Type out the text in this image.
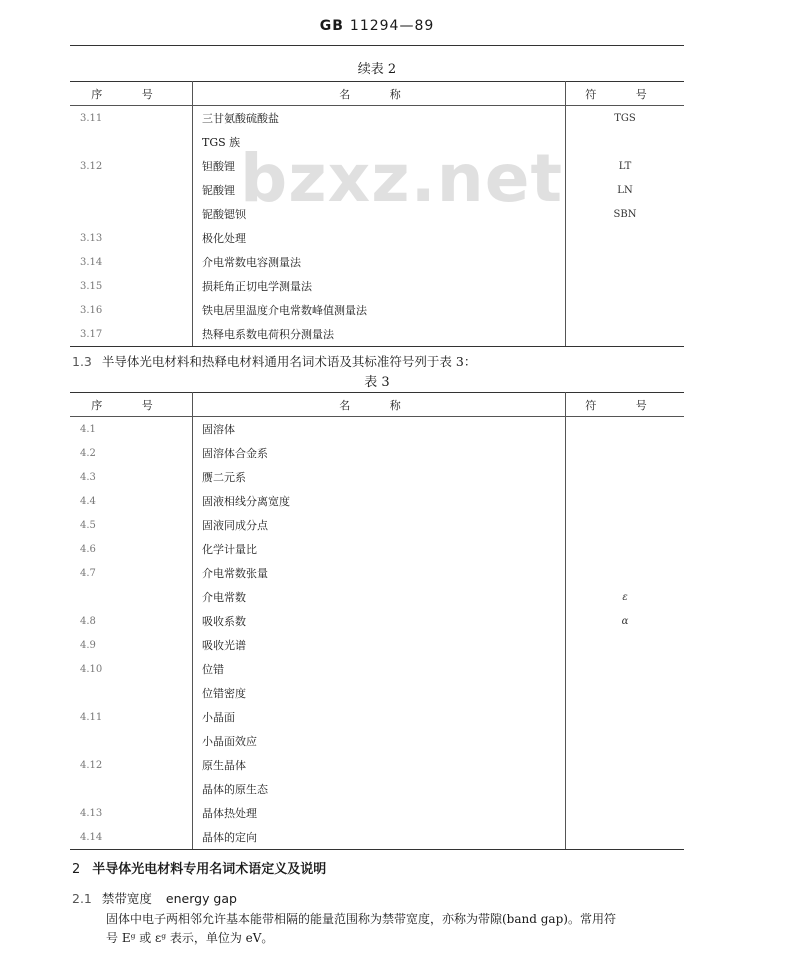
GB 11294—89
续表 2
序 号	名 称	符 号
3.11	三甘氨酸硫酸盐	TGS
	TGS 族	
3.12	钽酸锂	LT
	铌酸锂	LN
	铌酸锶钡	SBN
3.13	极化处理	
3.14	介电常数电容测量法	
3.15	损耗角正切电学测量法	
3.16	铁电居里温度介电常数峰值测量法	
3.17	热释电系数电荷积分测量法	
bzxz.net
1.3 半导体光电材料和热释电材料通用名词术语及其标准符号列于表 3：
表 3
序 号	名 称	符 号
4.1	固溶体	
4.2	固溶体合金系	
4.3	赝二元系	
4.4	固液相线分离宽度	
4.5	固液同成分点	
4.6	化学计量比	
4.7	介电常数张量	
	介电常数	ε
4.8	吸收系数	α
4.9	吸收光谱	
4.10	位错	
	位错密度	
4.11	小晶面	
	小晶面效应	
4.12	原生晶体	
	晶体的原生态	
4.13	晶体热处理	
4.14	晶体的定向	
2 半导体光电材料专用名词术语定义及说明
2.1 禁带宽度 energy gap
固体中电子两相邻允许基本能带相隔的能量范围称为禁带宽度，亦称为带隙(band gap)。常用符
号 Eᵍ 或 εᵍ 表示，单位为 eV。
